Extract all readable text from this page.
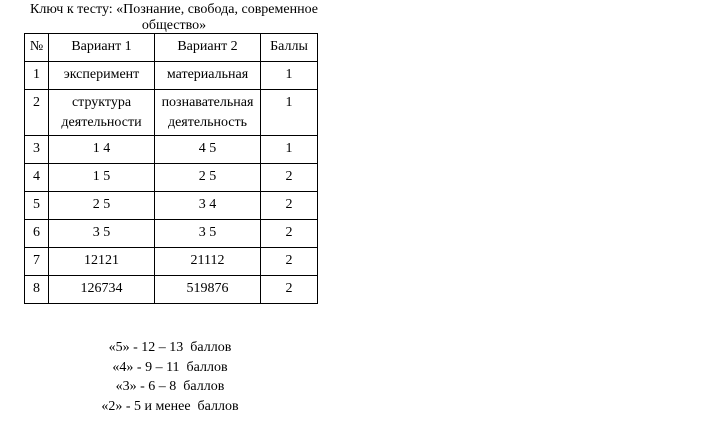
Ключ к тесту: «Познание, свобода, современное общество»
№	Вариант 1	Вариант 2	Баллы
1	эксперимент	материальная	1
2	структура деятельности	познавательная деятельность	1
3	1 4	4 5	1
4	1 5	2 5	2
5	2 5	3 4	2
6	3 5	3 5	2
7	12121	21112	2
8	126734	519876	2
«5» - 12 – 13  баллов
«4» - 9 – 11  баллов
«3» - 6 – 8  баллов
«2» - 5 и менее  баллов
